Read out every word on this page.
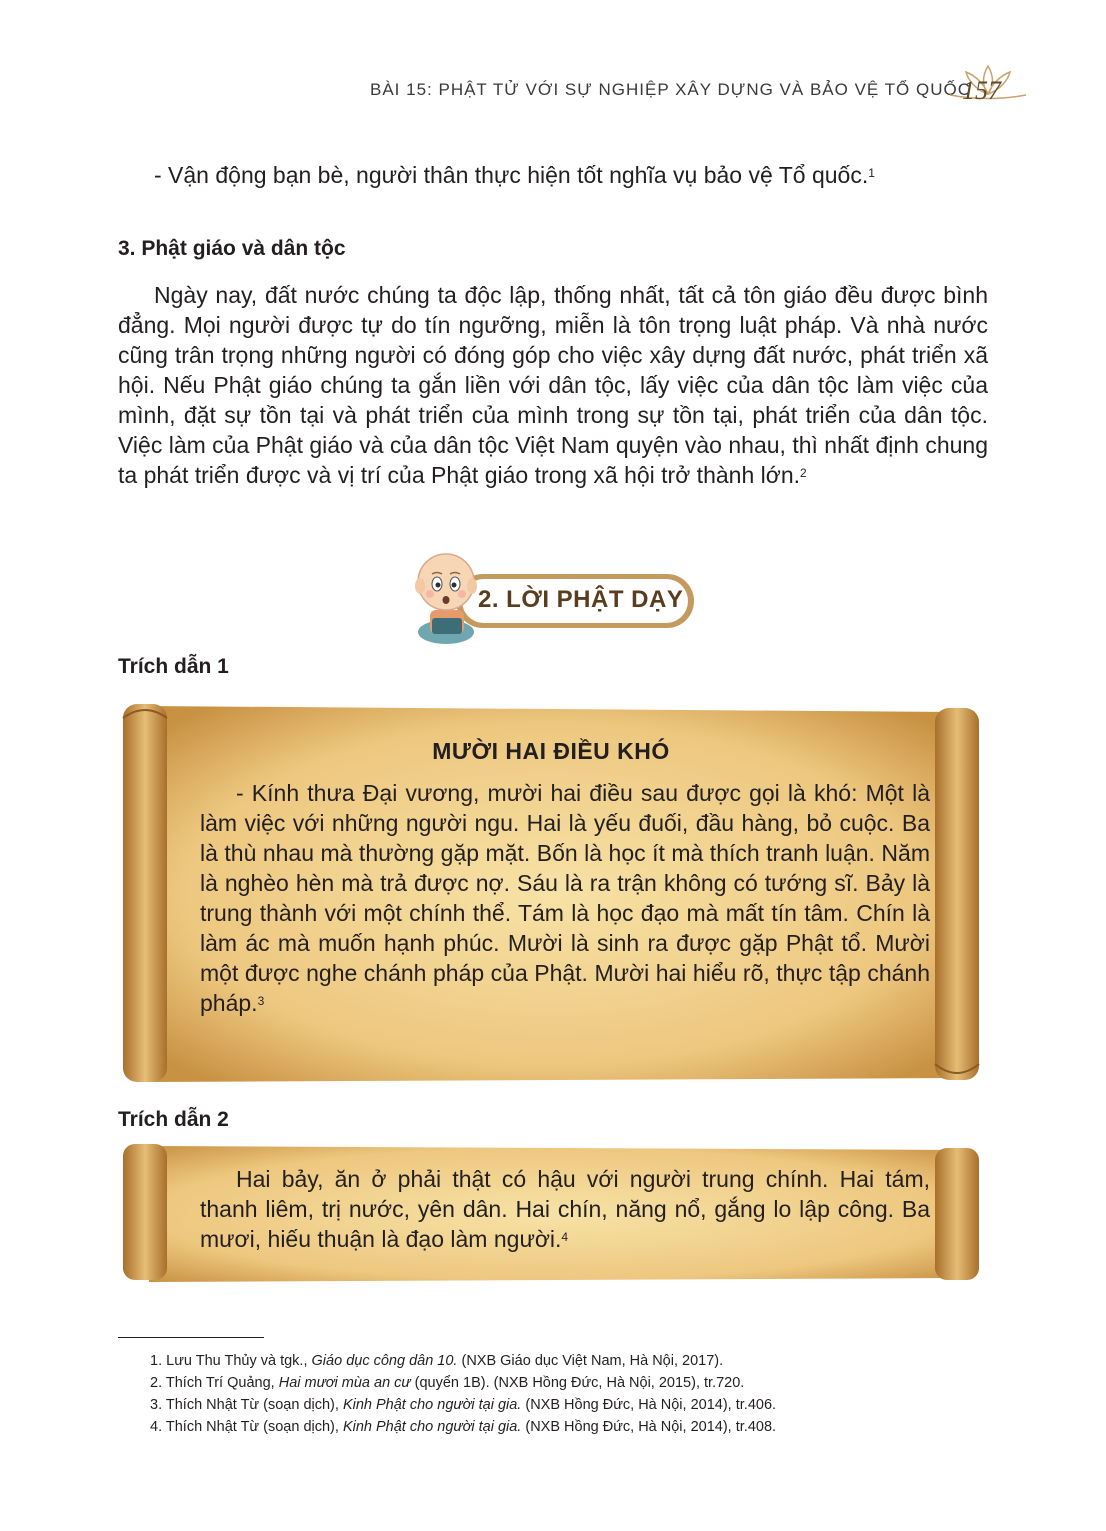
BÀI 15: PHẬT TỬ VỚI SỰ NGHIỆP XÂY DỰNG VÀ BẢO VỆ TỔ QUỐC
157
- Vận động bạn bè, người thân thực hiện tốt nghĩa vụ bảo vệ Tổ quốc.$^1$
3. Phật giáo và dân tộc
Ngày nay, đất nước chúng ta độc lập, thống nhất, tất cả tôn giáo đều được bình đẳng. Mọi người được tự do tín ngưỡng, miễn là tôn trọng luật pháp. Và nhà nước cũng trân trọng những người có đóng góp cho việc xây dựng đất nước, phát triển xã hội. Nếu Phật giáo chúng ta gắn liền với dân tộc, lấy việc của dân tộc làm việc của mình, đặt sự tồn tại và phát triển của mình trong sự tồn tại, phát triển của dân tộc. Việc làm của Phật giáo và của dân tộc Việt Nam quyện vào nhau, thì nhất định chung ta phát triển được và vị trí của Phật giáo trong xã hội trở thành lớn.$^2$
2. LỜI PHẬT DẠY
Trích dẫn 1
MƯỜI HAI ĐIỀU KHÓ
- Kính thưa Đại vương, mười hai điều sau được gọi là khó: Một là làm việc với những người ngu. Hai là yếu đuối, đầu hàng, bỏ cuộc. Ba là thù nhau mà thường gặp mặt. Bốn là học ít mà thích tranh luận. Năm là nghèo hèn mà trả được nợ. Sáu là ra trận không có tướng sĩ. Bảy là trung thành với một chính thể. Tám là học đạo mà mất tín tâm. Chín là làm ác mà muốn hạnh phúc. Mười là sinh ra được gặp Phật tổ. Mười một được nghe chánh pháp của Phật. Mười hai hiểu rõ, thực tập chánh pháp.$^3$
Trích dẫn 2
Hai bảy, ăn ở phải thật có hậu với người trung chính. Hai tám, thanh liêm, trị nước, yên dân. Hai chín, năng nổ, gắng lo lập công. Ba mươi, hiếu thuận là đạo làm người.$^4$
1. Lưu Thu Thủy và tgk., Giáo dục công dân 10. (NXB Giáo dục Việt Nam, Hà Nội, 2017).
2. Thích Trí Quảng, Hai mươi mùa an cư (quyển 1B). (NXB Hồng Đức, Hà Nội, 2015), tr.720.
3. Thích Nhật Từ (soạn dịch), Kinh Phật cho người tại gia. (NXB Hồng Đức, Hà Nội, 2014), tr.406.
4. Thích Nhật Từ (soạn dịch), Kinh Phật cho người tại gia. (NXB Hồng Đức, Hà Nội, 2014), tr.408.
